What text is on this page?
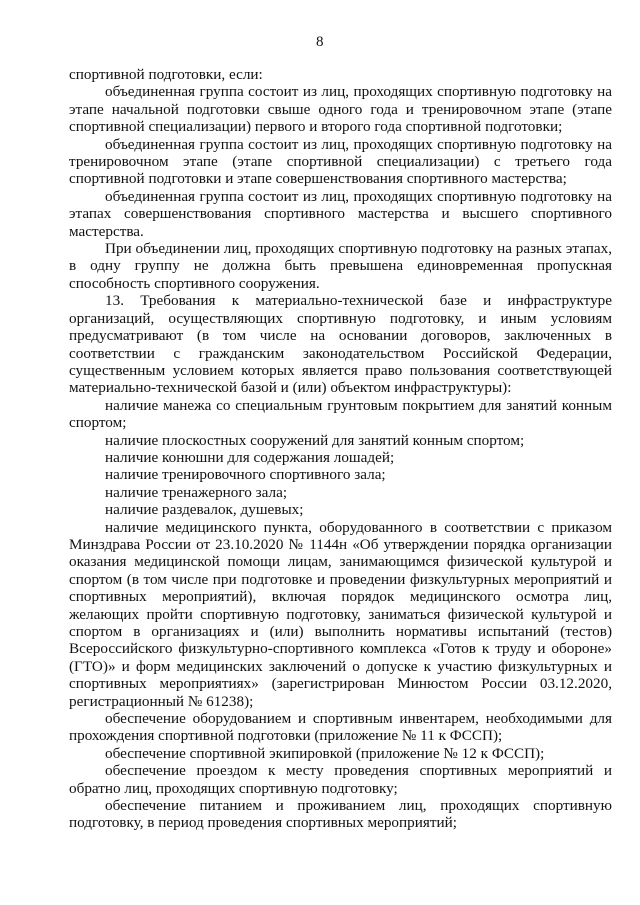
8

спортивной подготовки, если:

объединенная группа состоит из лиц, проходящих спортивную подготовку на этапе начальной подготовки свыше одного года и тренировочном этапе (этапе спортивной специализации) первого и второго года спортивной подготовки;

объединенная группа состоит из лиц, проходящих спортивную подготовку на тренировочном этапе (этапе спортивной специализации) с третьего года спортивной подготовки и этапе совершенствования спортивного мастерства;

объединенная группа состоит из лиц, проходящих спортивную подготовку на этапах совершенствования спортивного мастерства и высшего спортивного мастерства.

При объединении лиц, проходящих спортивную подготовку на разных этапах, в одну группу не должна быть превышена единовременная пропускная способность спортивного сооружения.

13. Требования к материально-технической базе и инфраструктуре организаций, осуществляющих спортивную подготовку, и иным условиям предусматривают (в том числе на основании договоров, заключенных в соответствии с гражданским законодательством Российской Федерации, существенным условием которых является право пользования соответствующей материально-технической базой и (или) объектом инфраструктуры):

наличие манежа со специальным грунтовым покрытием для занятий конным спортом;

наличие плоскостных сооружений для занятий конным спортом;

наличие конюшни для содержания лошадей;

наличие тренировочного спортивного зала;

наличие тренажерного зала;

наличие раздевалок, душевых;

наличие медицинского пункта, оборудованного в соответствии с приказом Минздрава России от 23.10.2020 № 1144н «Об утверждении порядка организации оказания медицинской помощи лицам, занимающимся физической культурой и спортом (в том числе при подготовке и проведении физкультурных мероприятий и спортивных мероприятий), включая порядок медицинского осмотра лиц, желающих пройти спортивную подготовку, заниматься физической культурой и спортом в организациях и (или) выполнить нормативы испытаний (тестов) Всероссийского физкультурно-спортивного комплекса «Готов к труду и обороне» (ГТО)» и форм медицинских заключений о допуске к участию физкультурных и спортивных мероприятиях» (зарегистрирован Минюстом России 03.12.2020, регистрационный № 61238);

обеспечение оборудованием и спортивным инвентарем, необходимыми для прохождения спортивной подготовки (приложение № 11 к ФССП);

обеспечение спортивной экипировкой (приложение № 12 к ФССП);

обеспечение проездом к месту проведения спортивных мероприятий и обратно лиц, проходящих спортивную подготовку;

обеспечение питанием и проживанием лиц, проходящих спортивную подготовку, в период проведения спортивных мероприятий;
